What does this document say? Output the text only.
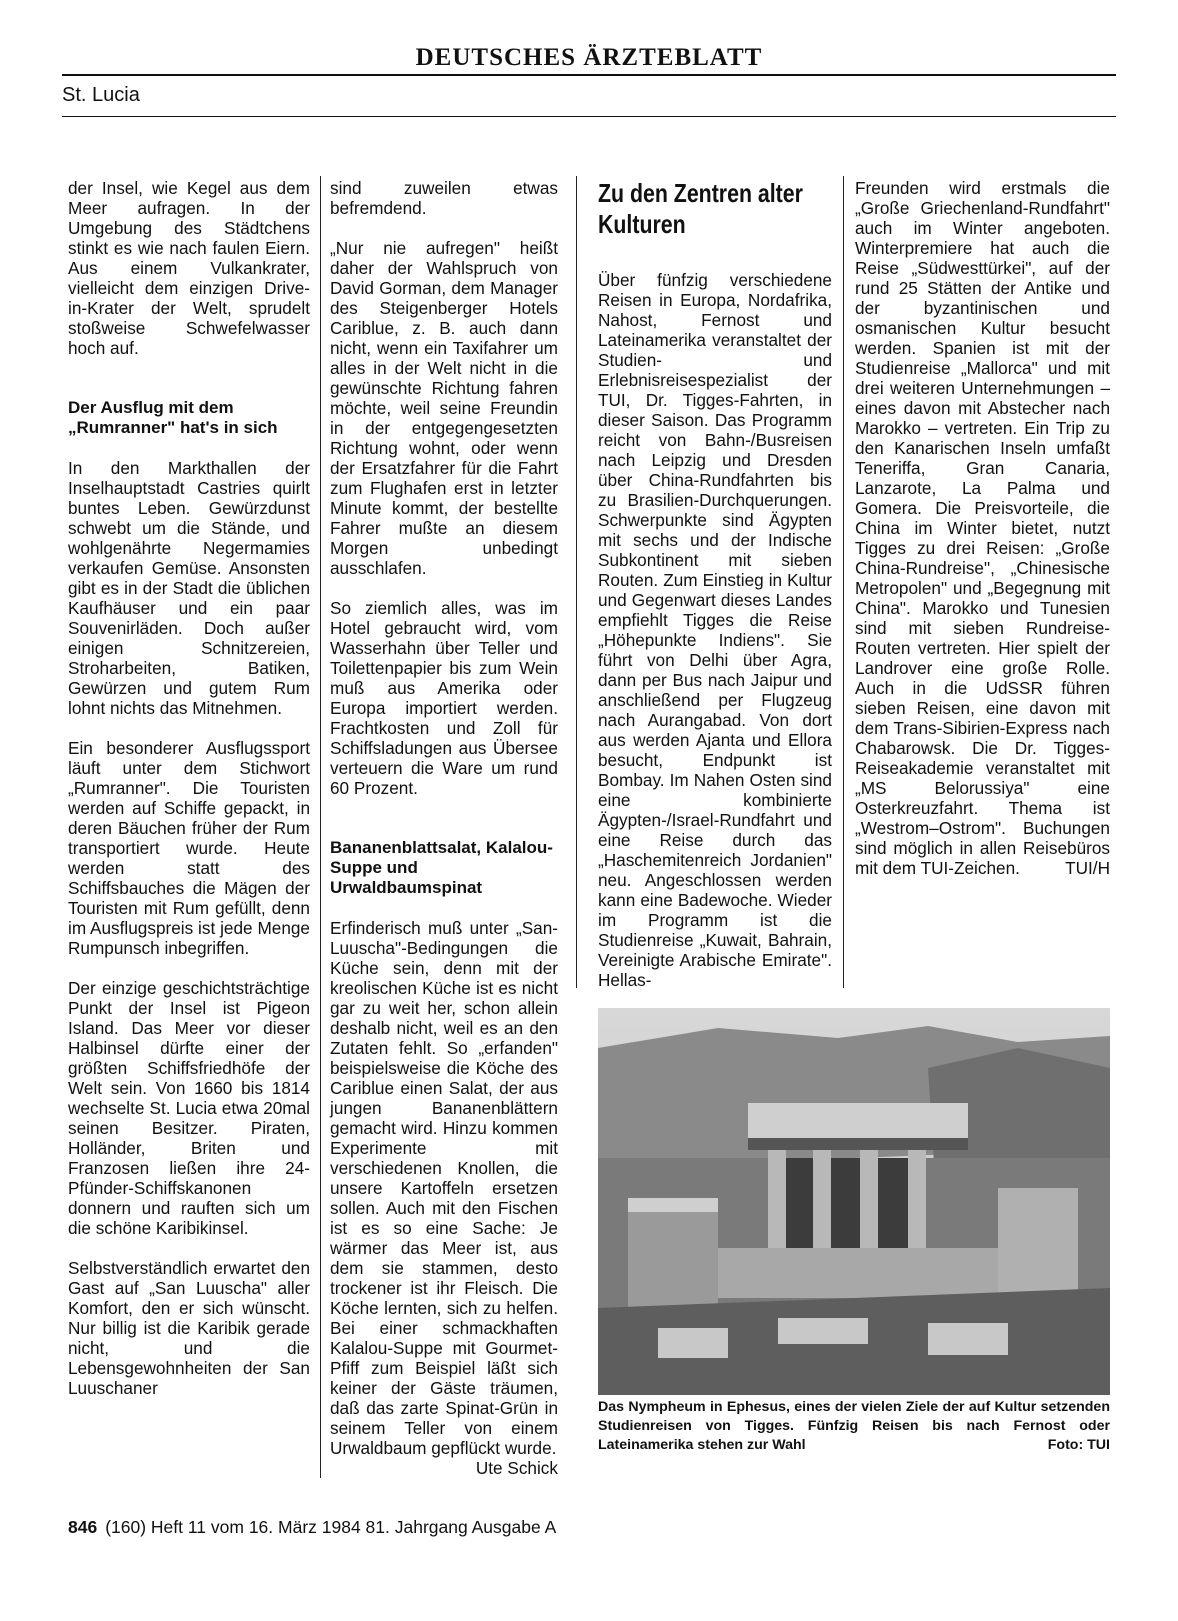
DEUTSCHES ÄRZTEBLATT
St. Lucia

der Insel, wie Kegel aus dem Meer aufragen. In der Umgebung des Städtchens stinkt es wie nach faulen Eiern. Aus einem Vulkankrater, vielleicht dem einzigen Drive-in-Krater der Welt, sprudelt stoßweise Schwefelwasser hoch auf.

Der Ausflug mit dem „Rumranner" hat's in sich

In den Markthallen der Inselhauptstadt Castries quirlt buntes Leben. Gewürzdunst schwebt um die Stände, und wohlgenährte Negermamies verkaufen Gemüse. Ansonsten gibt es in der Stadt die üblichen Kaufhäuser und ein paar Souvenirläden. Doch außer einigen Schnitzereien, Stroharbeiten, Batiken, Gewürzen und gutem Rum lohnt nichts das Mitnehmen.

Ein besonderer Ausflugssport läuft unter dem Stichwort „Rumranner". Die Touristen werden auf Schiffe gepackt, in deren Bäuchen früher der Rum transportiert wurde. Heute werden statt des Schiffsbauches die Mägen der Touristen mit Rum gefüllt, denn im Ausflugspreis ist jede Menge Rumpunsch inbegriffen.

Der einzige geschichtsträchtige Punkt der Insel ist Pigeon Island. Das Meer vor dieser Halbinsel dürfte einer der größten Schiffsfriedhöfe der Welt sein. Von 1660 bis 1814 wechselte St. Lucia etwa 20mal seinen Besitzer. Piraten, Holländer, Briten und Franzosen ließen ihre 24-Pfünder-Schiffskanonen donnern und rauften sich um die schöne Karibikinsel.

Selbstverständlich erwartet den Gast auf „San Luuscha" aller Komfort, den er sich wünscht. Nur billig ist die Karibik gerade nicht, und die Lebensgewohnheiten der San Luuschaner

sind zuweilen etwas befremdend.

„Nur nie aufregen" heißt daher der Wahlspruch von David Gorman, dem Manager des Steigenberger Hotels Cariblue, z. B. auch dann nicht, wenn ein Taxifahrer um alles in der Welt nicht in die gewünschte Richtung fahren möchte, weil seine Freundin in der entgegengesetzten Richtung wohnt, oder wenn der Ersatzfahrer für die Fahrt zum Flughafen erst in letzter Minute kommt, der bestellte Fahrer mußte an diesem Morgen unbedingt ausschlafen.

So ziemlich alles, was im Hotel gebraucht wird, vom Wasserhahn über Teller und Toilettenpapier bis zum Wein muß aus Amerika oder Europa importiert werden. Frachtkosten und Zoll für Schiffsladungen aus Übersee verteuern die Ware um rund 60 Prozent.

Bananenblattsalat, Kalalou-Suppe und Urwaldbaumspinat

Erfinderisch muß unter „San-Luuscha"-Bedingungen die Küche sein, denn mit der kreolischen Küche ist es nicht gar zu weit her, schon allein deshalb nicht, weil es an den Zutaten fehlt. So „erfanden" beispielsweise die Köche des Cariblue einen Salat, der aus jungen Bananenblättern gemacht wird. Hinzu kommen Experimente mit verschiedenen Knollen, die unsere Kartoffeln ersetzen sollen. Auch mit den Fischen ist es so eine Sache: Je wärmer das Meer ist, aus dem sie stammen, desto trockener ist ihr Fleisch. Die Köche lernten, sich zu helfen. Bei einer schmackhaften Kalalou-Suppe mit Gourmet-Pfiff zum Beispiel läßt sich keiner der Gäste träumen, daß das zarte Spinat-Grün in seinem Teller von einem Urwaldbaum gepflückt wurde.
Ute Schick

Zu den Zentren alter Kulturen

Über fünfzig verschiedene Reisen in Europa, Nordafrika, Nahost, Fernost und Lateinamerika veranstaltet der Studien- und Erlebnisreisespezialist der TUI, Dr. Tigges-Fahrten, in dieser Saison. Das Programm reicht von Bahn-/Busreisen nach Leipzig und Dresden über China-Rundfahrten bis zu Brasilien-Durchquerungen. Schwerpunkte sind Ägypten mit sechs und der Indische Subkontinent mit sieben Routen. Zum Einstieg in Kultur und Gegenwart dieses Landes empfiehlt Tigges die Reise „Höhepunkte Indiens". Sie führt von Delhi über Agra, dann per Bus nach Jaipur und anschließend per Flugzeug nach Aurangabad. Von dort aus werden Ajanta und Ellora besucht, Endpunkt ist Bombay. Im Nahen Osten sind eine kombinierte Ägypten-/Israel-Rundfahrt und eine Reise durch das „Haschemitenreich Jordanien" neu. Angeschlossen werden kann eine Badewoche. Wieder im Programm ist die Studienreise „Kuwait, Bahrain, Vereinigte Arabische Emirate". Hellas-

Freunden wird erstmals die „Große Griechenland-Rundfahrt" auch im Winter angeboten. Winterpremiere hat auch die Reise „Südwesttürkei", auf der rund 25 Stätten der Antike und der byzantinischen und osmanischen Kultur besucht werden. Spanien ist mit der Studienreise „Mallorca" und mit drei weiteren Unternehmungen – eines davon mit Abstecher nach Marokko – vertreten. Ein Trip zu den Kanarischen Inseln umfaßt Teneriffa, Gran Canaria, Lanzarote, La Palma und Gomera. Die Preisvorteile, die China im Winter bietet, nutzt Tigges zu drei Reisen: „Große China-Rundreise", „Chinesische Metropolen" und „Begegnung mit China". Marokko und Tunesien sind mit sieben Rundreise-Routen vertreten. Hier spielt der Landrover eine große Rolle. Auch in die UdSSR führen sieben Reisen, eine davon mit dem Trans-Sibirien-Express nach Chabarowsk. Die Dr. Tigges-Reiseakademie veranstaltet mit „MS Belorussiya" eine Osterkreuzfahrt. Thema ist „Westrom–Ostrom". Buchungen sind möglich in allen Reisebüros mit dem TUI-Zeichen.	TUI/H

Das Nympheum in Ephesus, eines der vielen Ziele der auf Kultur setzenden Studienreisen von Tigges. Fünfzig Reisen bis nach Fernost oder Lateinamerika stehen zur Wahl	Foto: TUI
846 (160) Heft 11 vom 16. März 1984 81. Jahrgang Ausgabe A
